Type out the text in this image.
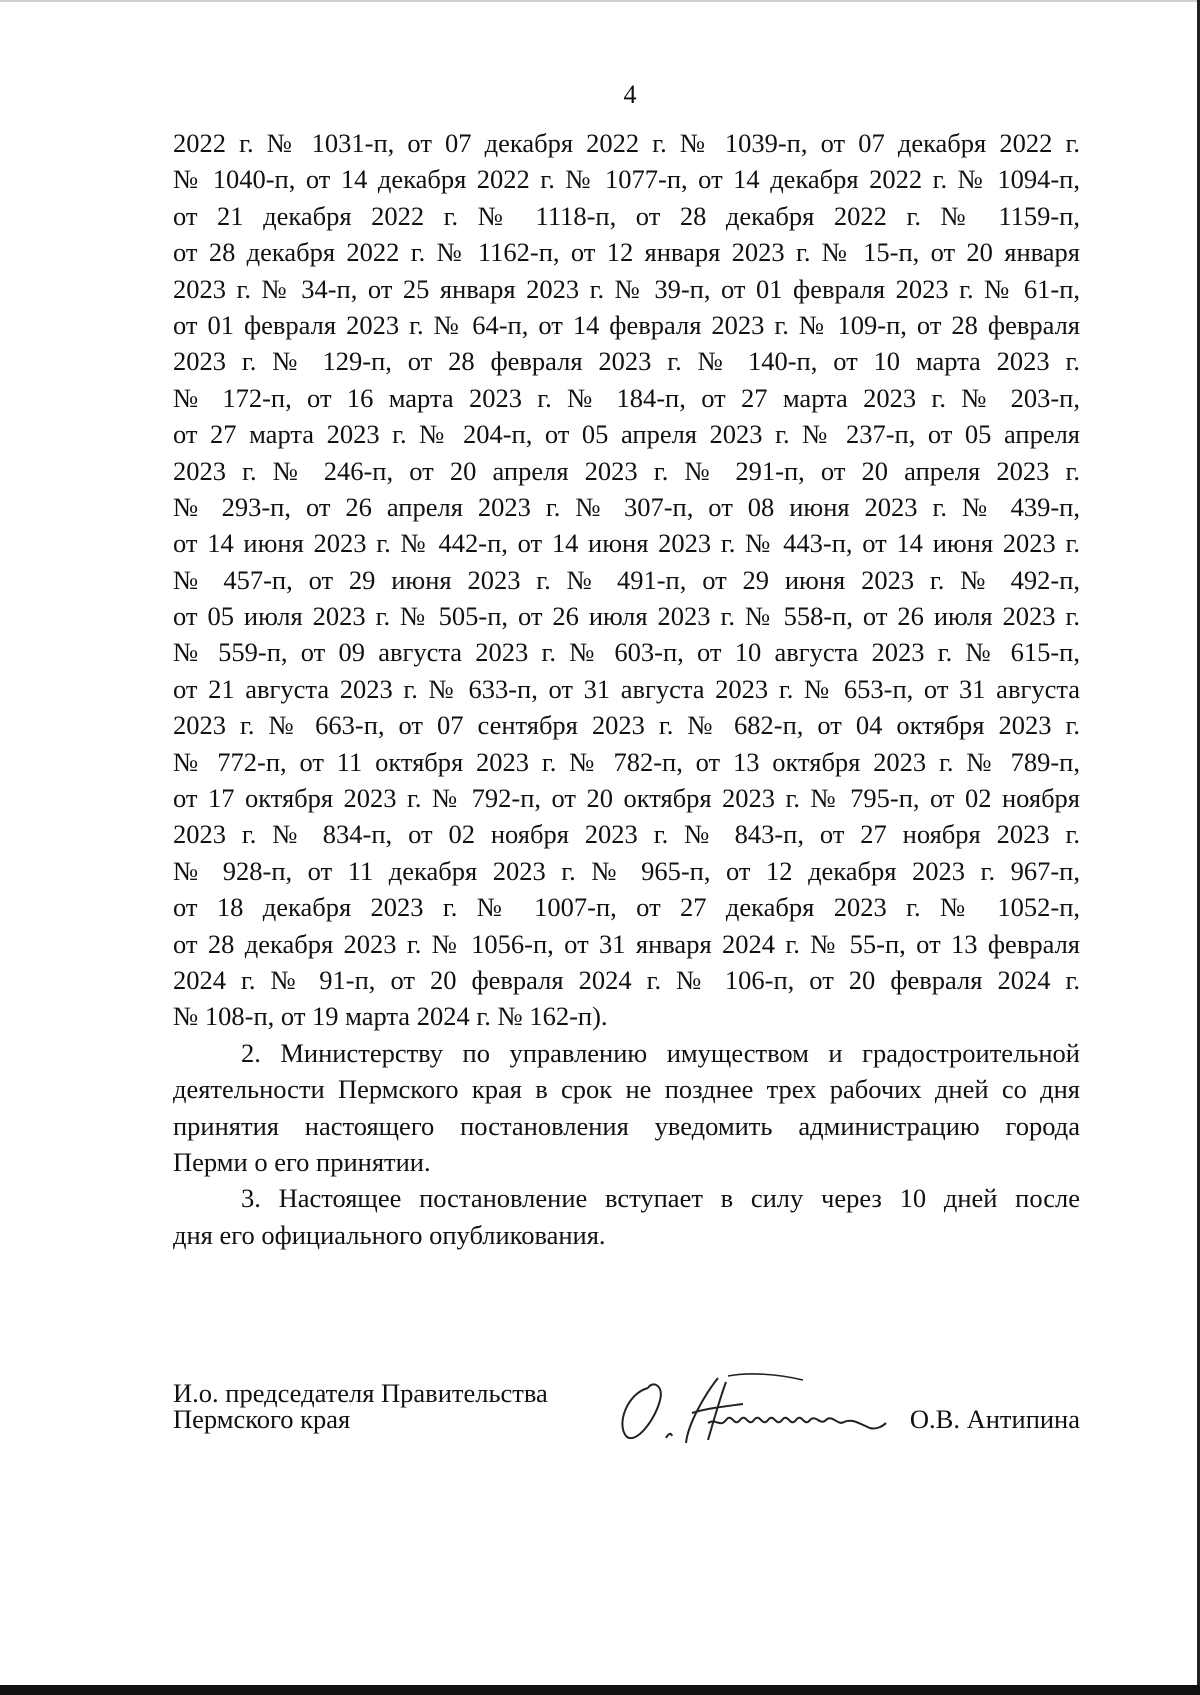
4
2022 г. № 1031-п, от 07 декабря 2022 г. № 1039-п, от 07 декабря 2022 г.
№ 1040-п, от 14 декабря 2022 г. № 1077-п, от 14 декабря 2022 г. № 1094-п,
от 21 декабря 2022 г. № 1118-п, от 28 декабря 2022 г. № 1159-п,
от 28 декабря 2022 г. № 1162-п, от 12 января 2023 г. № 15-п, от 20 января
2023 г. № 34-п, от 25 января 2023 г. № 39-п, от 01 февраля 2023 г. № 61-п,
от 01 февраля 2023 г. № 64-п, от 14 февраля 2023 г. № 109-п, от 28 февраля
2023 г. № 129-п, от 28 февраля 2023 г. № 140-п, от 10 марта 2023 г.
№ 172-п, от 16 марта 2023 г. № 184-п, от 27 марта 2023 г. № 203-п,
от 27 марта 2023 г. № 204-п, от 05 апреля 2023 г. № 237-п, от 05 апреля
2023 г. № 246-п, от 20 апреля 2023 г. № 291-п, от 20 апреля 2023 г.
№ 293-п, от 26 апреля 2023 г. № 307-п, от 08 июня 2023 г. № 439-п,
от 14 июня 2023 г. № 442-п, от 14 июня 2023 г. № 443-п, от 14 июня 2023 г.
№ 457-п, от 29 июня 2023 г. № 491-п, от 29 июня 2023 г. № 492-п,
от 05 июля 2023 г. № 505-п, от 26 июля 2023 г. № 558-п, от 26 июля 2023 г.
№ 559-п, от 09 августа 2023 г. № 603-п, от 10 августа 2023 г. № 615-п,
от 21 августа 2023 г. № 633-п, от 31 августа 2023 г. № 653-п, от 31 августа
2023 г. № 663-п, от 07 сентября 2023 г. № 682-п, от 04 октября 2023 г.
№ 772-п, от 11 октября 2023 г. № 782-п, от 13 октября 2023 г. № 789-п,
от 17 октября 2023 г. № 792-п, от 20 октября 2023 г. № 795-п, от 02 ноября
2023 г. № 834-п, от 02 ноября 2023 г. № 843-п, от 27 ноября 2023 г.
№ 928-п, от 11 декабря 2023 г. № 965-п, от 12 декабря 2023 г. 967-п,
от 18 декабря 2023 г. № 1007-п, от 27 декабря 2023 г. № 1052-п,
от 28 декабря 2023 г. № 1056-п, от 31 января 2024 г. № 55-п, от 13 февраля
2024 г. № 91-п, от 20 февраля 2024 г. № 106-п, от 20 февраля 2024 г.
№ 108-п, от 19 марта 2024 г. № 162-п).
2. Министерству по управлению имуществом и градостроительной
деятельности Пермского края в срок не позднее трех рабочих дней со дня
принятия настоящего постановления уведомить администрацию города
Перми о его принятии.
3. Настоящее постановление вступает в силу через 10 дней после
дня его официального опубликования.
И.о. председателя Правительства
Пермского края	О.В. Антипина
